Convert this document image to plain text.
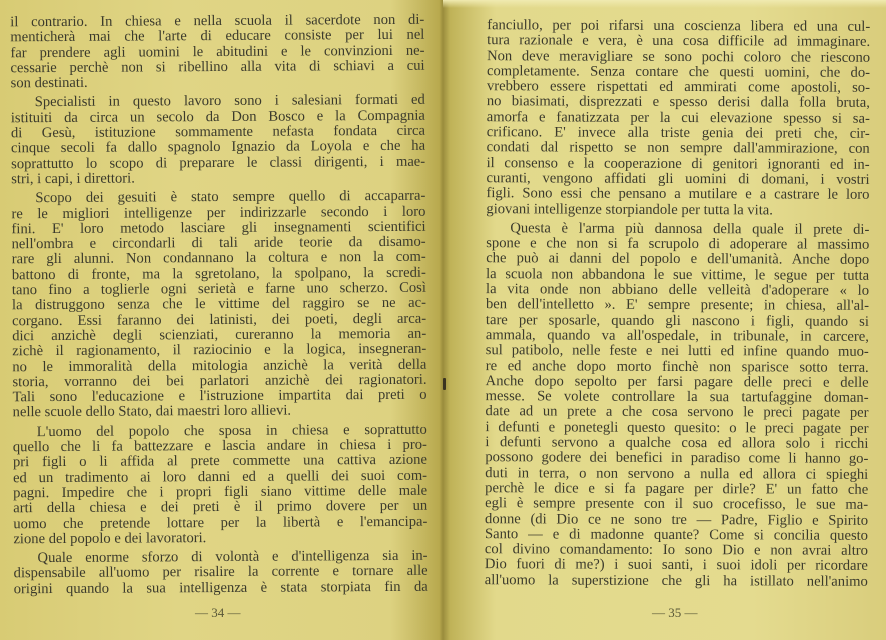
il contrario. In chiesa e nella scuola il sacerdote non di-
menticherà mai che l'arte di educare consiste per lui nel
far prendere agli uomini le abitudini e le convinzioni ne-
cessarie perchè non si ribellino alla vita di schiavi a cui
son destinati.
Specialisti in questo lavoro sono i salesiani formati ed
istituiti da circa un secolo da Don Bosco e la Compagnia
di Gesù, istituzione sommamente nefasta fondata circa
cinque secoli fa dallo spagnolo Ignazio da Loyola e che ha
soprattutto lo scopo di preparare le classi dirigenti, i mae-
stri, i capi, i direttori.
Scopo dei gesuiti è stato sempre quello di accaparra-
re le migliori intelligenze per indirizzarle secondo i loro
fini. E' loro metodo lasciare gli insegnamenti scientifici
nell'ombra e circondarli di tali aride teorie da disamo-
rare gli alunni. Non condannano la coltura e non la com-
battono di fronte, ma la sgretolano, la spolpano, la scredi-
tano fino a toglierle ogni serietà e farne uno scherzo. Così
la distruggono senza che le vittime del raggiro se ne ac-
corgano. Essi faranno dei latinisti, dei poeti, degli arca-
dici anzichè degli scienziati, cureranno la memoria an-
zichè il ragionamento, il raziocinio e la logica, insegneran-
no le immoralità della mitologia anzichè la verità della
storia, vorranno dei bei parlatori anzichè dei ragionatori.
Tali sono l'educazione e l'istruzione impartita dai preti o
nelle scuole dello Stato, dai maestri loro allievi.
L'uomo del popolo che sposa in chiesa e soprattutto
quello che li fa battezzare e lascia andare in chiesa i pro-
pri figli o li affida al prete commette una cattiva azione
ed un tradimento ai loro danni ed a quelli dei suoi com-
pagni. Impedire che i propri figli siano vittime delle male
arti della chiesa e dei preti è il primo dovere per un
uomo che pretende lottare per la libertà e l'emancipa-
zione del popolo e dei lavoratori.
Quale enorme sforzo di volontà e d'intelligenza sia in-
dispensabile all'uomo per risalire la corrente e tornare alle
origini quando la sua intelligenza è stata storpiata fin da
fanciullo, per poi rifarsi una coscienza libera ed una cul-
tura razionale e vera, è una cosa difficile ad immaginare.
Non deve meravigliare se sono pochi coloro che riescono
completamente. Senza contare che questi uomini, che do-
vrebbero essere rispettati ed ammirati come apostoli, so-
no biasimati, disprezzati e spesso derisi dalla folla bruta,
amorfa e fanatizzata per la cui elevazione spesso si sa-
crificano. E' invece alla triste genia dei preti che, cir-
condati dal rispetto se non sempre dall'ammirazione, con
il consenso e la cooperazione di genitori ignoranti ed in-
curanti, vengono affidati gli uomini di domani, i vostri
figli. Sono essi che pensano a mutilare e a castrare le loro
giovani intelligenze storpiandole per tutta la vita.
Questa è l'arma più dannosa della quale il prete di-
spone e che non si fa scrupolo di adoperare al massimo
che può ai danni del popolo e dell'umanità. Anche dopo
la scuola non abbandona le sue vittime, le segue per tutta
la vita onde non abbiano delle velleità d'adoperare « lo
ben dell'intelletto ». E' sempre presente; in chiesa, all'al-
tare per sposarle, quando gli nascono i figli, quando si
ammala, quando va all'ospedale, in tribunale, in carcere,
sul patibolo, nelle feste e nei lutti ed infine quando muo-
re ed anche dopo morto finchè non sparisce sotto terra.
Anche dopo sepolto per farsi pagare delle preci e delle
messe. Se volete controllare la sua tartufaggine doman-
date ad un prete a che cosa servono le preci pagate per
i defunti e ponetegli questo quesito: o le preci pagate per
i defunti servono a qualche cosa ed allora solo i ricchi
possono godere dei benefici in paradiso come li hanno go-
duti in terra, o non servono a nulla ed allora ci spieghi
perchè le dice e si fa pagare per dirle? E' un fatto che
egli è sempre presente con il suo crocefisso, le sue ma-
donne (di Dio ce ne sono tre — Padre, Figlio e Spirito
Santo — e di madonne quante? Come si concilia questo
col divino comandamento: Io sono Dio e non avrai altro
Dio fuori di me?) i suoi santi, i suoi idoli per ricordare
all'uomo la superstizione che gli ha istillato nell'animo
— 34 —	— 35 —
